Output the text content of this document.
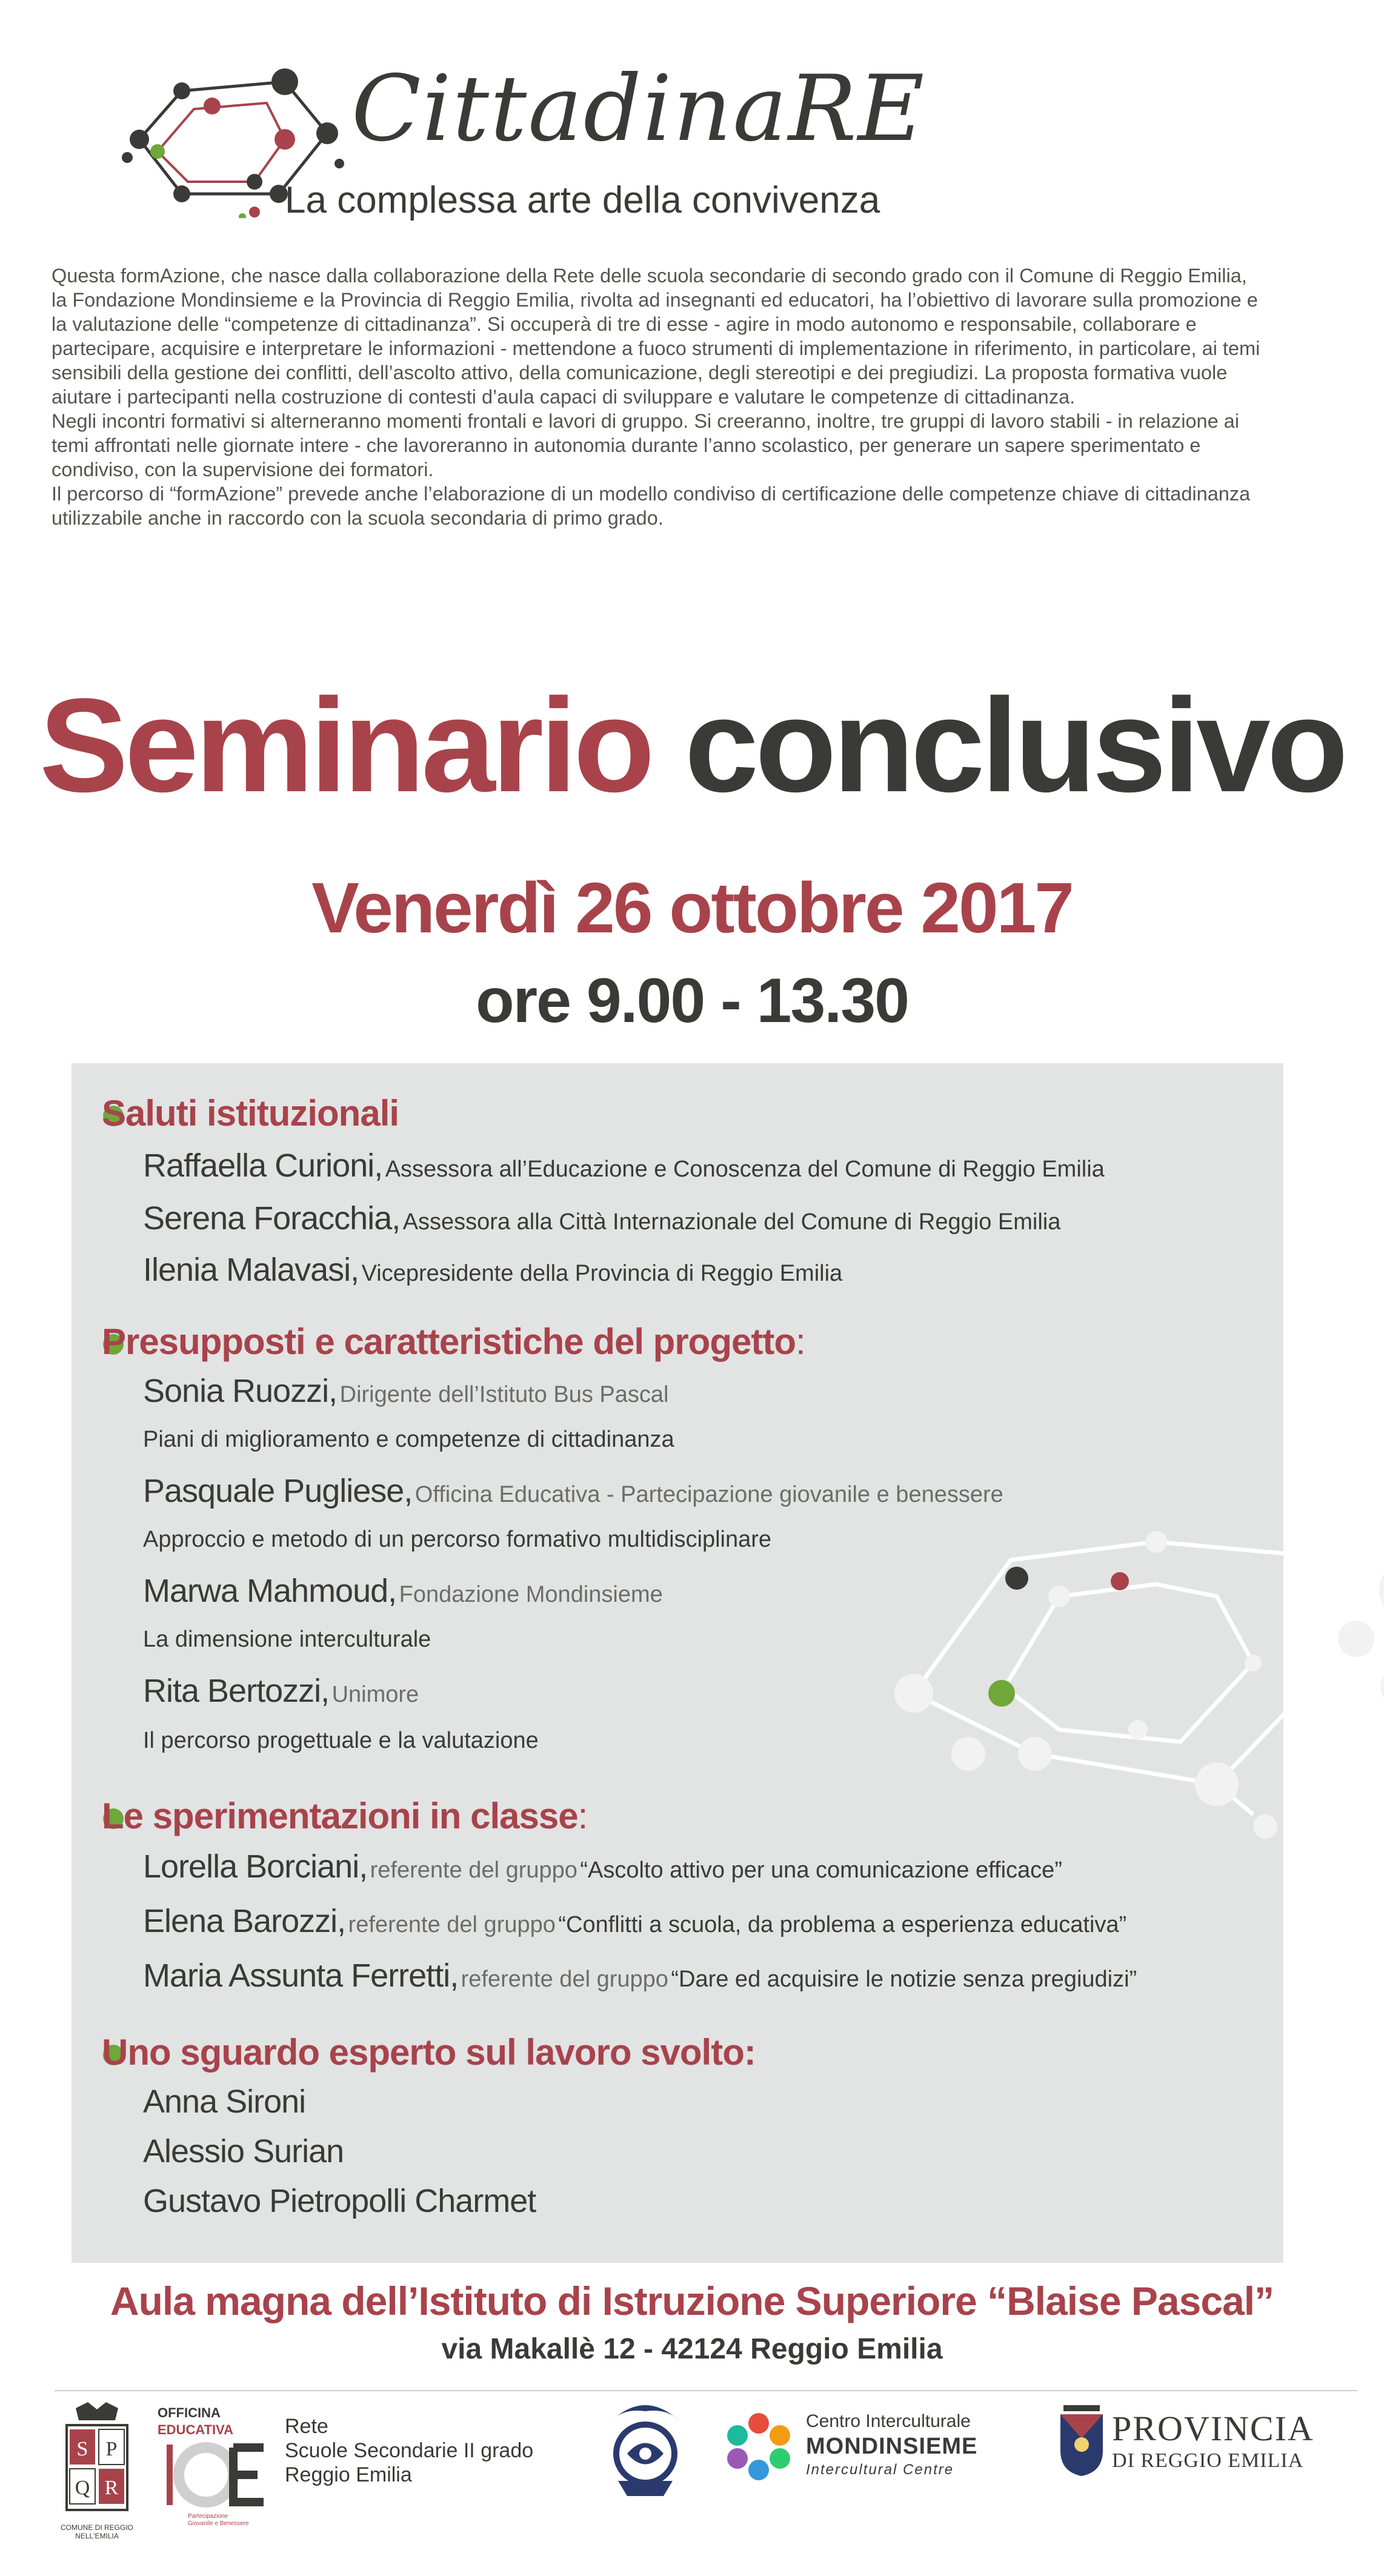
CittadinaRE
La complessa arte della convivenza

Questa formAzione, che nasce dalla collaborazione della Rete delle scuola secondarie di secondo grado con il Comune di Reggio Emilia, la Fondazione Mondinsieme e la Provincia di Reggio Emilia, rivolta ad insegnanti ed educatori, ha l’obiettivo di lavorare sulla promozione e la valutazione delle “competenze di cittadinanza”. Si occuperà di tre di esse - agire in modo autonomo e responsabile, collaborare e partecipare, acquisire e interpretare le informazioni - mettendone a fuoco strumenti di implementazione in riferimento, in particolare, ai temi sensibili della gestione dei conflitti, dell’ascolto attivo, della comunicazione, degli stereotipi e dei pregiudizi. La proposta formativa vuole aiutare i partecipanti nella costruzione di contesti d’aula capaci di sviluppare e valutare le competenze di cittadinanza.

Negli incontri formativi si alterneranno momenti frontali e lavori di gruppo. Si creeranno, inoltre, tre gruppi di lavoro stabili - in relazione ai temi affrontati nelle giornate intere - che lavoreranno in autonomia durante l’anno scolastico, per generare un sapere sperimentato e condiviso, con la supervisione dei formatori.

Il percorso di “formAzione” prevede anche l’elaborazione di un modello condiviso di certificazione delle competenze chiave di cittadinanza utilizzabile anche in raccordo con la scuola secondaria di primo grado.

Seminario conclusivo
Venerdì 26 ottobre 2017
ore 9.00 - 13.30
Saluti istituzionali
Raffaella Curioni, Assessora all’Educazione e Conoscenza del Comune di Reggio Emilia
Serena Foracchia, Assessora alla Città Internazionale del Comune di Reggio Emilia
Ilenia Malavasi, Vicepresidente della Provincia di Reggio Emilia
Presupposti e caratteristiche del progetto:
Sonia Ruozzi, Dirigente dell’Istituto Bus Pascal
Piani di miglioramento e competenze di cittadinanza
Pasquale Pugliese, Officina Educativa - Partecipazione giovanile e benessere
Approccio e metodo di un percorso formativo multidisciplinare
Marwa Mahmoud, Fondazione Mondinsieme
La dimensione interculturale
Rita Bertozzi, Unimore
Il percorso progettuale e la valutazione
Le sperimentazioni in classe:
Lorella Borciani, referente del gruppo “Ascolto attivo per una comunicazione efficace”
Elena Barozzi, referente del gruppo “Conflitti a scuola, da problema a esperienza educativa”
Maria Assunta Ferretti, referente del gruppo “Dare ed acquisire le notizie senza pregiudizi”
Uno sguardo esperto sul lavoro svolto:
Anna Sironi
Alessio Surian
Gustavo Pietropolli Charmet
Aula magna dell’Istituto di Istruzione Superiore “Blaise Pascal”
via Makallè 12 - 42124 Reggio Emilia
S P
Q R
COMUNE DI REGGIO NELL'EMILIA
OFFICINA
EDUCATIVA
Partecipazione Giovanile e Benessere
Rete
Scuole Secondarie II grado
Reggio Emilia
Centro Interculturale
MONDINSIEME
Intercultural Centre
PROVINCIA
DI REGGIO EMILIA
